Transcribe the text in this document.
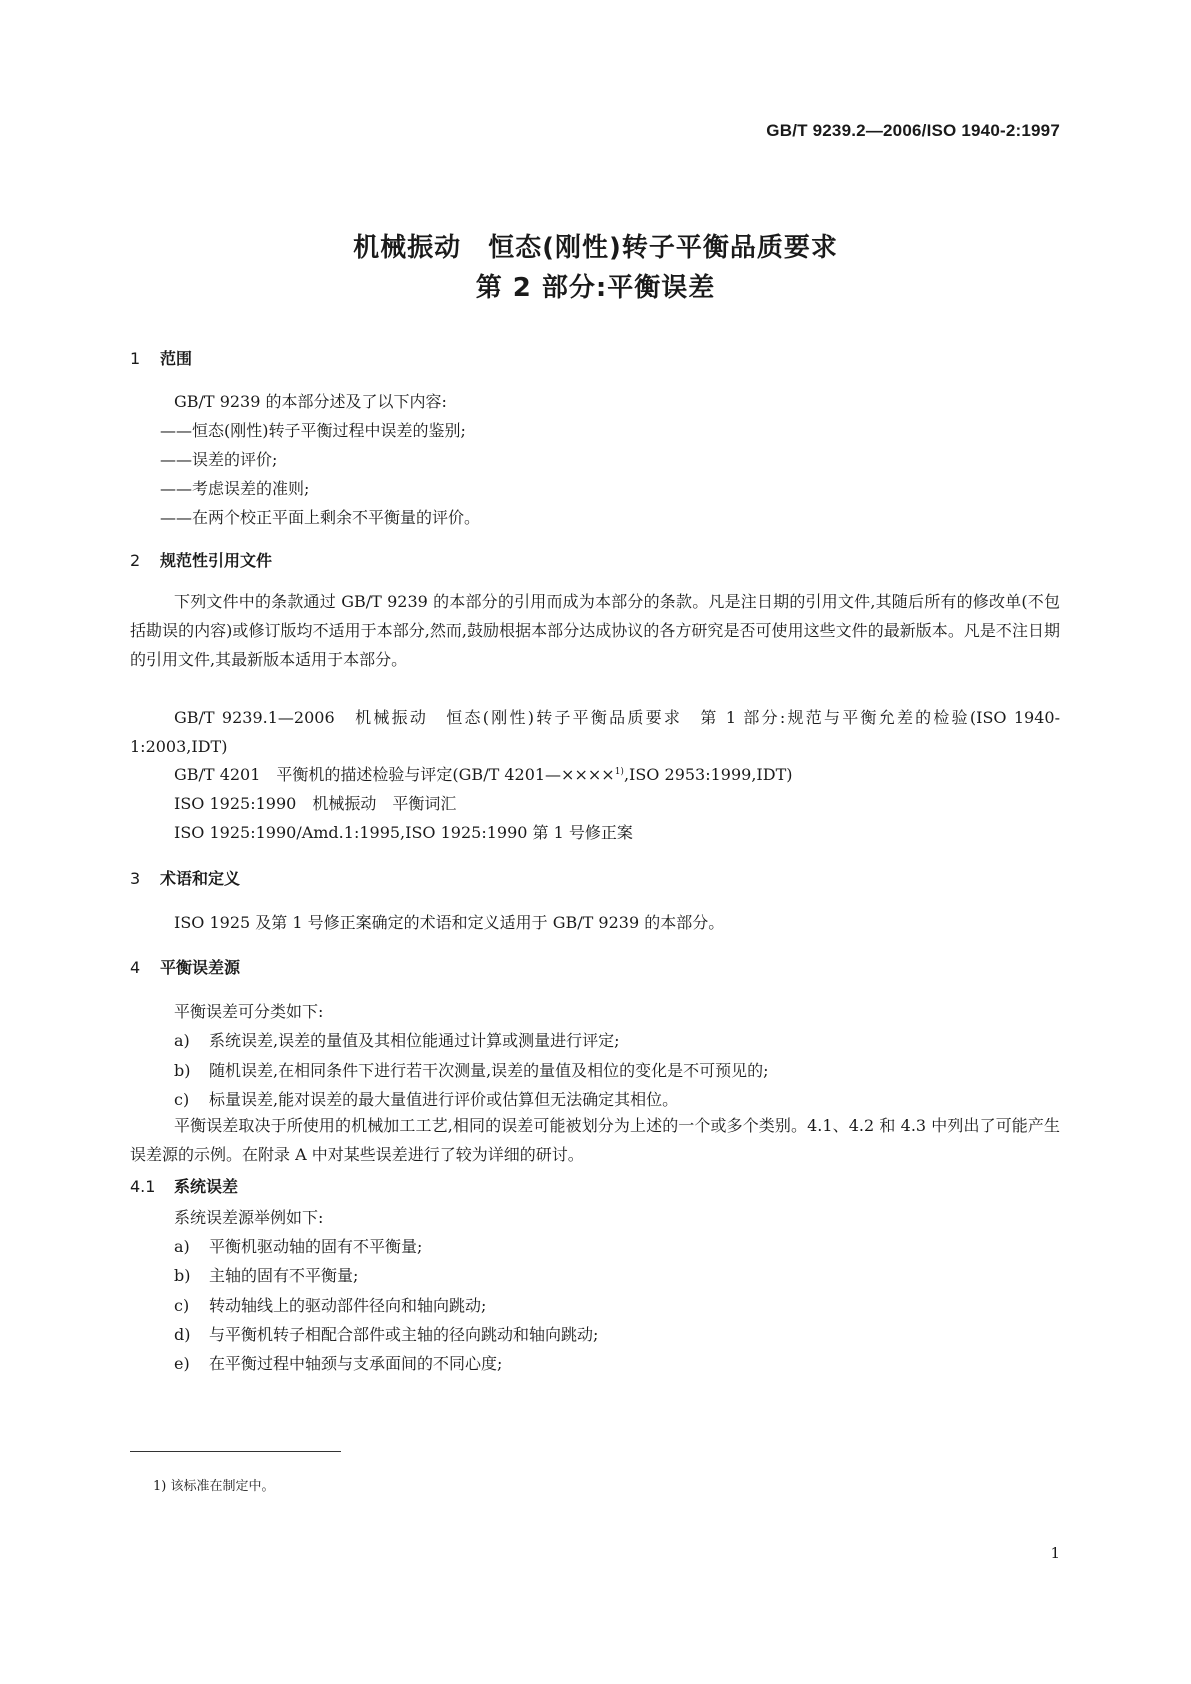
GB/T 9239.2—2006/ISO 1940-2:1997
机械振动　恒态(刚性)转子平衡品质要求
第 2 部分:平衡误差
1 范围
GB/T 9239 的本部分述及了以下内容:
——恒态(刚性)转子平衡过程中误差的鉴别;
——误差的评价;
——考虑误差的准则;
——在两个校正平面上剩余不平衡量的评价。
2 规范性引用文件
下列文件中的条款通过 GB/T 9239 的本部分的引用而成为本部分的条款。凡是注日期的引用文件,其随后所有的修改单(不包括勘误的内容)或修订版均不适用于本部分,然而,鼓励根据本部分达成协议的各方研究是否可使用这些文件的最新版本。凡是不注日期的引用文件,其最新版本适用于本部分。
GB/T 9239.1—2006　机械振动　恒态(刚性)转子平衡品质要求　第 1 部分:规范与平衡允差的检验(ISO 1940-1:2003,IDT)
GB/T 4201　平衡机的描述检验与评定(GB/T 4201—××××$^{1)}$,ISO 2953:1999,IDT)
ISO 1925:1990　机械振动　平衡词汇
ISO 1925:1990/Amd.1:1995,ISO 1925:1990 第 1 号修正案
3 术语和定义
ISO 1925 及第 1 号修正案确定的术语和定义适用于 GB/T 9239 的本部分。
4 平衡误差源
平衡误差可分类如下:
a) 系统误差,误差的量值及其相位能通过计算或测量进行评定;
b) 随机误差,在相同条件下进行若干次测量,误差的量值及相位的变化是不可预见的;
c) 标量误差,能对误差的最大量值进行评价或估算但无法确定其相位。
平衡误差取决于所使用的机械加工工艺,相同的误差可能被划分为上述的一个或多个类别。4.1、4.2 和 4.3 中列出了可能产生误差源的示例。在附录 A 中对某些误差进行了较为详细的研讨。
4.1 系统误差
系统误差源举例如下:
a) 平衡机驱动轴的固有不平衡量;
b) 主轴的固有不平衡量;
c) 转动轴线上的驱动部件径向和轴向跳动;
d) 与平衡机转子相配合部件或主轴的径向跳动和轴向跳动;
e) 在平衡过程中轴颈与支承面间的不同心度;
1) 该标准在制定中。
1
